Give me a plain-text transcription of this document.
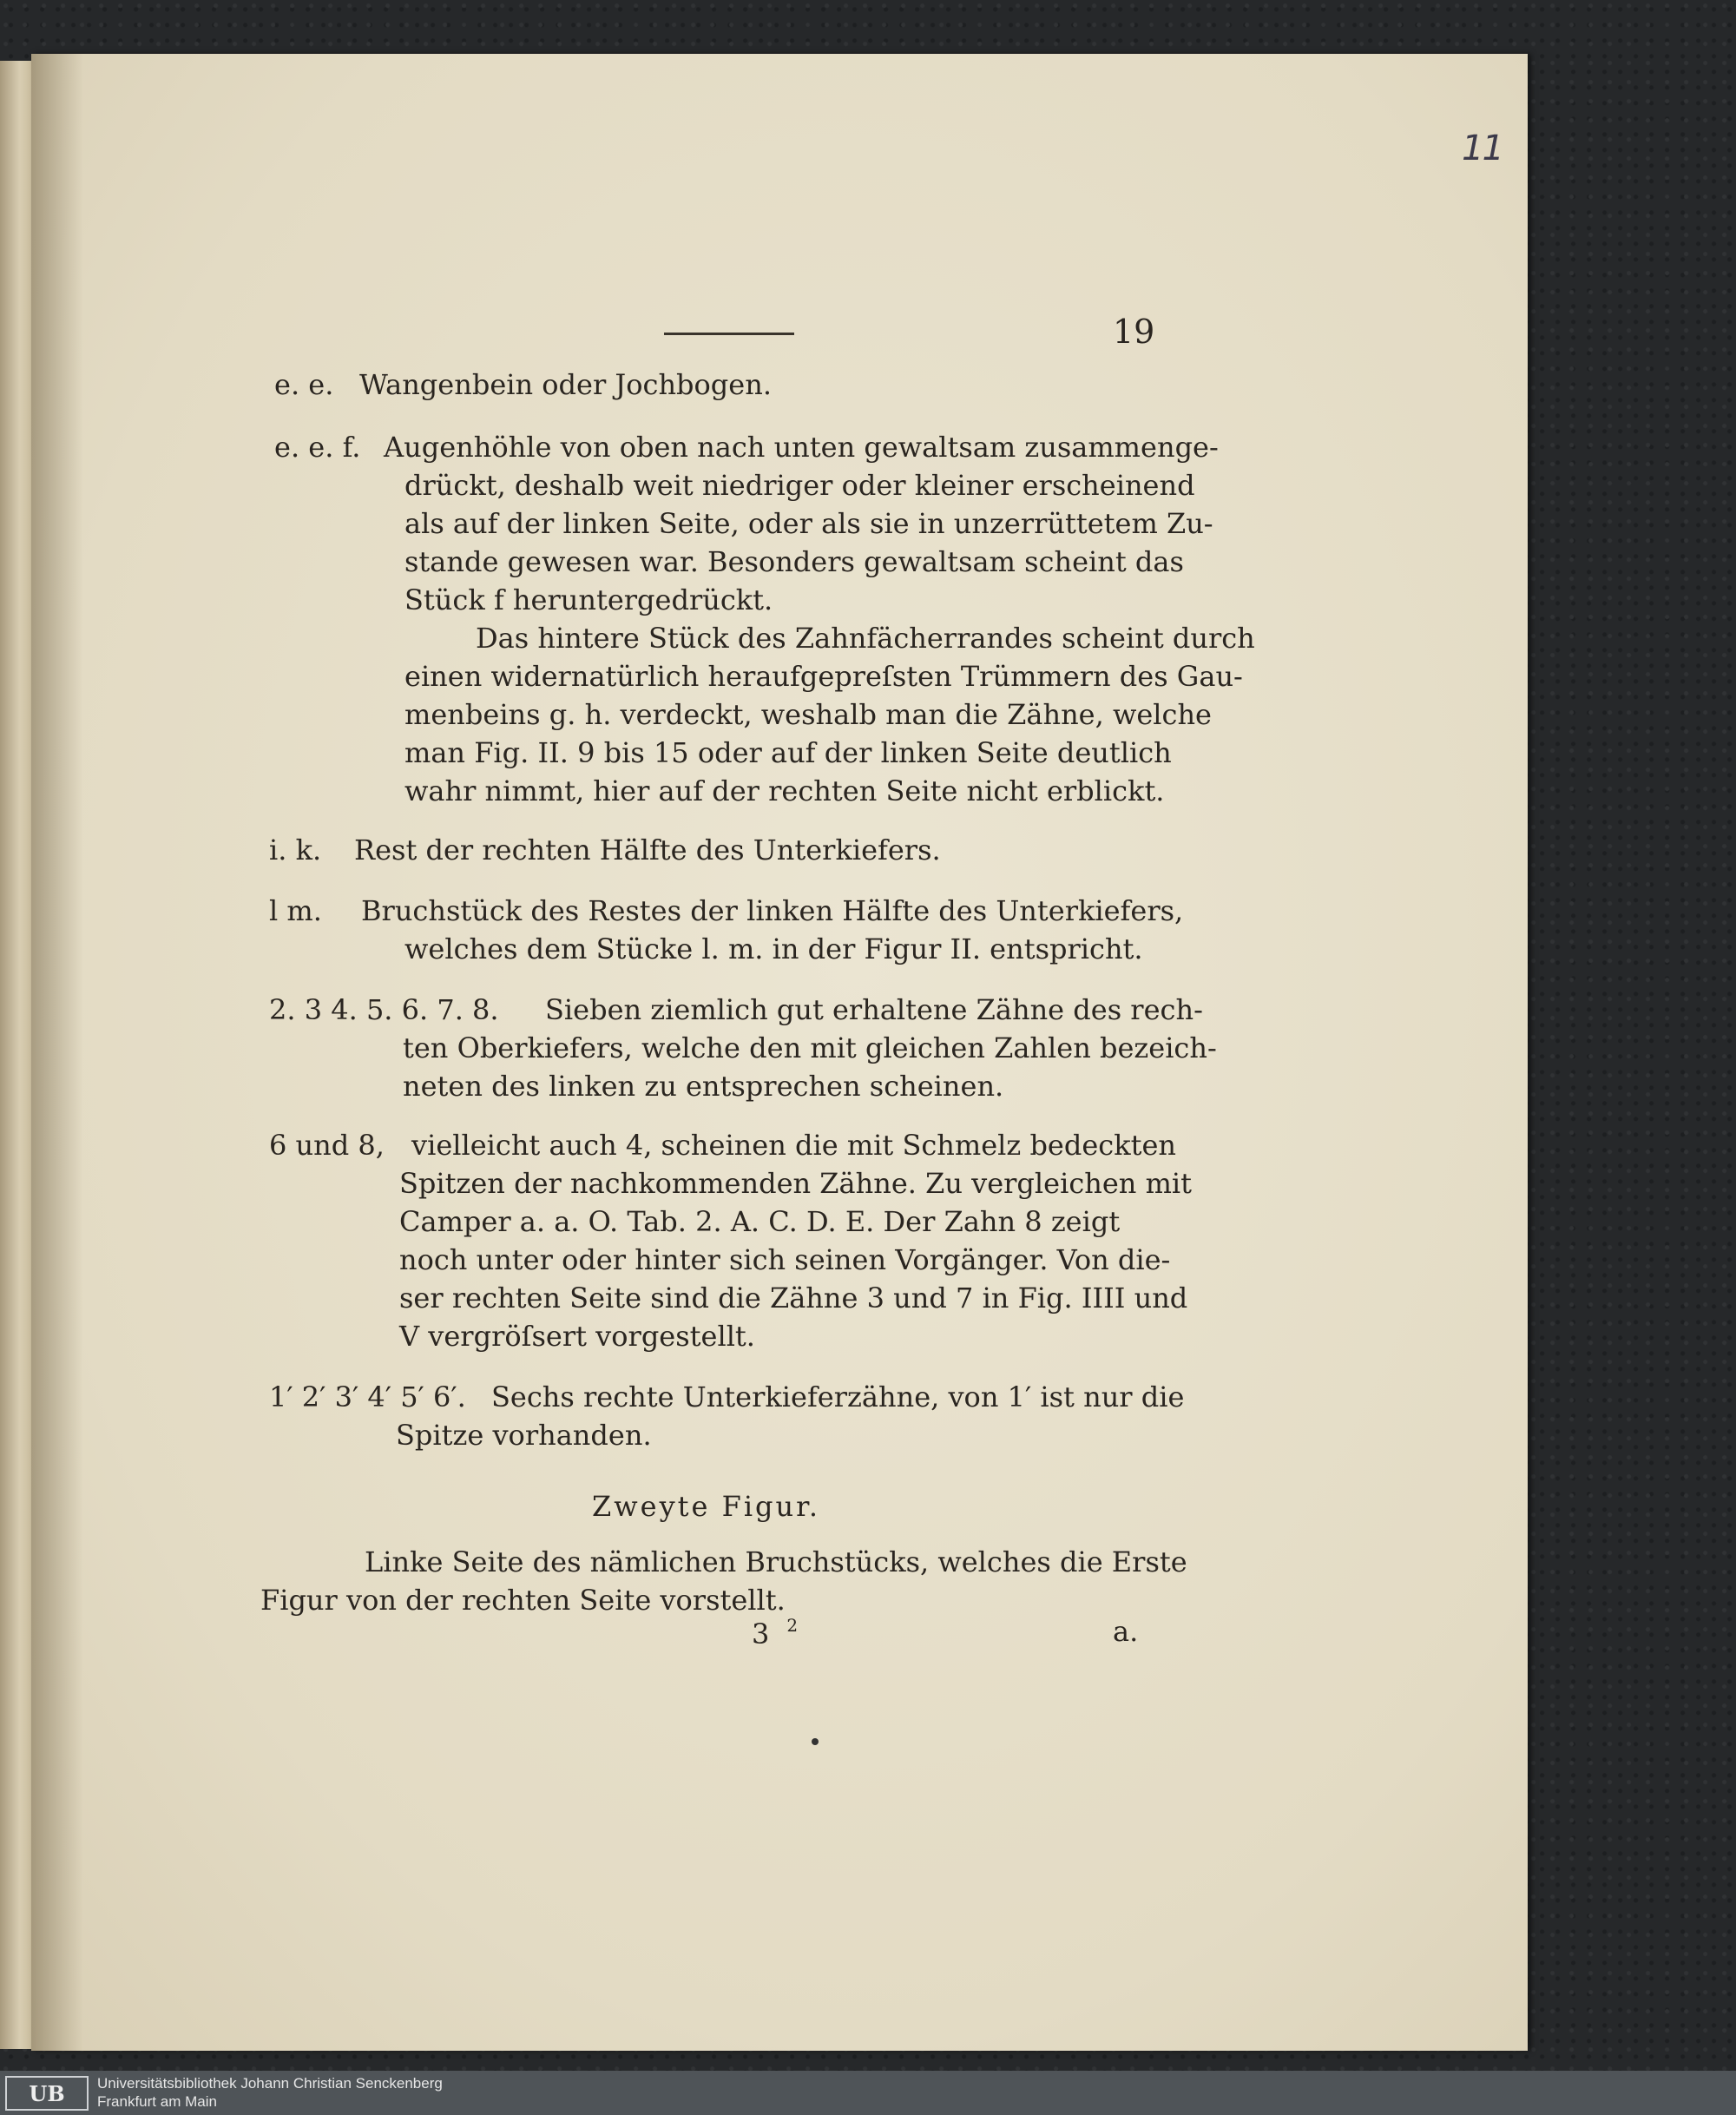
11
19
e. e. Wangenbein oder Jochbogen.
e. e. f. Augenhöhle von oben nach unten gewaltsam zusammenge-
drückt, deshalb weit niedriger oder kleiner erscheinend
als auf der linken Seite, oder als sie in unzerrüttetem Zu-
stande gewesen war. Besonders gewaltsam scheint das
Stück f heruntergedrückt.
Das hintere Stück des Zahnfächerrandes scheint durch
einen widernatürlich heraufgepreſsten Trümmern des Gau-
menbeins g. h. verdeckt, weshalb man die Zähne, welche
man Fig. II. 9 bis 15 oder auf der linken Seite deutlich
wahr nimmt, hier auf der rechten Seite nicht erblickt.
i. k. Rest der rechten Hälfte des Unterkiefers.
l m. Bruchstück des Restes der linken Hälfte des Unterkiefers,
welches dem Stücke l. m. in der Figur II. entspricht.
2. 3 4. 5. 6. 7. 8. Sieben ziemlich gut erhaltene Zähne des rech-
ten Oberkiefers, welche den mit gleichen Zahlen bezeich-
neten des linken zu entsprechen scheinen.
6 und 8, vielleicht auch 4, scheinen die mit Schmelz bedeckten
Spitzen der nachkommenden Zähne. Zu vergleichen mit
Camper a. a. O. Tab. 2. A. C. D. E. Der Zahn 8 zeigt
noch unter oder hinter sich seinen Vorgänger. Von die-
ser rechten Seite sind die Zähne 3 und 7 in Fig. IIII und
V vergröſsert vorgestellt.
1′ 2′ 3′ 4′ 5′ 6′. Sechs rechte Unterkieferzähne, von 1′ ist nur die
Spitze vorhanden.
Zweyte Figur.
Linke Seite des nämlichen Bruchstücks, welches die Erste
Figur von der rechten Seite vorstellt.
3 $^2$	a.
UB Universitätsbibliothek Johann Christian Senckenberg
Frankfurt am Main
